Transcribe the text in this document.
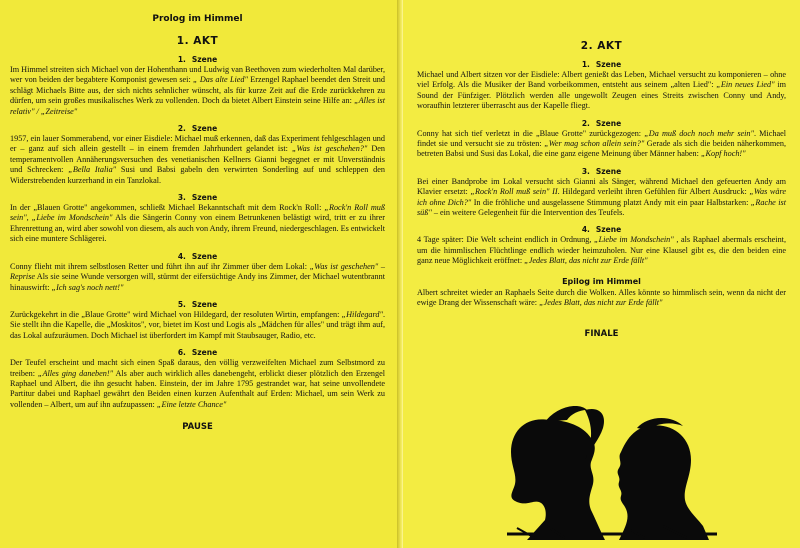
Prolog im Himmel
1. AKT
1. Szene

Im Himmel streiten sich Michael von der Hohenthann und Ludwig van Beethoven zum wiederholten Mal darüber, wer von beiden der begabtere Komponist gewesen sei: „ Das alte Lied" Erzengel Raphael beendet den Streit und schlägt Michaels Bitte aus, der sich nichts sehnlicher wünscht, als für kurze Zeit auf die Erde zurückkehren zu dürfen, um sein großes musikalisches Werk zu vollenden. Doch da bietet Albert Einstein seine Hilfe an: „Alles ist relativ" / „Zeitreise"

2. Szene

1957, ein lauer Sommerabend, vor einer Eisdiele: Michael muß erkennen, daß das Experiment fehlgeschlagen und er – ganz auf sich allein gestellt – in einem fremden Jahrhundert gelandet ist: „Was ist geschehen?" Den temperamentvollen Annäherungsversuchen des venetianischen Kellners Gianni begegnet er mit Unverständnis und Schrecken: „Bella Italia" Susi und Babsi gabeln den verwirrten Sonderling auf und schleppen den Widerstrebenden kurzerhand in ein Tanzlokal.

3. Szene

In der „Blauen Grotte" angekommen, schließt Michael Bekanntschaft mit dem Rock'n Roll: „Rock'n Roll muß sein", „Liebe im Mondschein" Als die Sängerin Conny von einem Betrunkenen belästigt wird, tritt er zu ihrer Ehrenrettung an, wird aber sowohl von diesem, als auch von Andy, ihrem Freund, niedergeschlagen. Es entwickelt sich eine muntere Schlägerei.

4. Szene

Conny flieht mit ihrem selbstlosen Retter und führt ihn auf ihr Zimmer über dem Lokal: „Was ist geschehen" – Reprise Als sie seine Wunde versorgen will, stürmt der eifersüchtige Andy ins Zimmer, der Michael wutentbrannt hinauswirft: „Ich sag's noch nett!"

5. Szene

Zurückgekehrt in die „Blaue Grotte" wird Michael von Hildegard, der resoluten Wirtin, empfangen: „Hildegard". Sie stellt ihn die Kapelle, die „Moskitos", vor, bietet im Kost und Logis als „Mädchen für alles" und trägt ihm auf, das Lokal aufzuräumen. Doch Michael ist überfordert im Kampf mit Staubsauger, Radio, etc.

6. Szene

Der Teufel erscheint und macht sich einen Spaß daraus, den völlig verzweifelten Michael zum Selbstmord zu treiben: „Alles ging daneben!" Als aber auch wirklich alles danebengeht, erblickt dieser plötzlich den Erzengel Raphael und Albert, die ihn gesucht haben. Einstein, der im Jahre 1795 gestrandet war, hat seine unvollendete Partitur dabei und Raphael gewährt den Beiden einen kurzen Aufenthalt auf Erden: Michael, um sein Werk zu vollenden – Albert, um auf ihn aufzupassen: „Eine letzte Chance"

PAUSE
2. AKT
1. Szene

Michael und Albert sitzen vor der Eisdiele: Albert genießt das Leben, Michael versucht zu komponieren – ohne viel Erfolg. Als die Musiker der Band vorbeikommen, entsteht aus seinem „alten Lied": „Ein neues Lied" im Sound der Fünfziger. Plötzlich werden alle ungewollt Zeugen eines Streits zwischen Conny und Andy, woraufhin letzterer überrascht aus der Kapelle fliegt.

2. Szene

Conny hat sich tief verletzt in die „Blaue Grotte" zurückgezogen: „Da muß doch noch mehr sein". Michael findet sie und versucht sie zu trösten: „Wer mag schon allein sein?" Gerade als sich die beiden näherkommen, betreten Babsi und Susi das Lokal, die eine ganz eigene Meinung über Männer haben: „Kopf hoch!"

3. Szene

Bei einer Bandprobe im Lokal versucht sich Gianni als Sänger, während Michael den gefeuerten Andy am Klavier ersetzt: „Rock'n Roll muß sein" II. Hildegard verleiht ihren Gefühlen für Albert Ausdruck: „Was wäre ich ohne Dich?" In die fröhliche und ausgelassene Stimmung platzt Andy mit ein paar Halbstarken: „Rache ist süß" – ein weitere Gelegenheit für die Intervention des Teufels.

4. Szene

4 Tage später: Die Welt scheint endlich in Ordnung, „Liebe im Mondschein" , als Raphael abermals erscheint, um die himmlischen Flüchtlinge endlich wieder heimzuholen. Nur eine Klausel gibt es, die den beiden eine ganz neue Möglichkeit eröffnet: „Jedes Blatt, das nicht zur Erde fällt"

Epilog im Himmel

Albert schreitet wieder an Raphaels Seite durch die Wolken. Alles könnte so himmlisch sein, wenn da nicht der ewige Drang der Wissenschaft wäre: „Jedes Blatt, das nicht zur Erde fällt"

FINALE
